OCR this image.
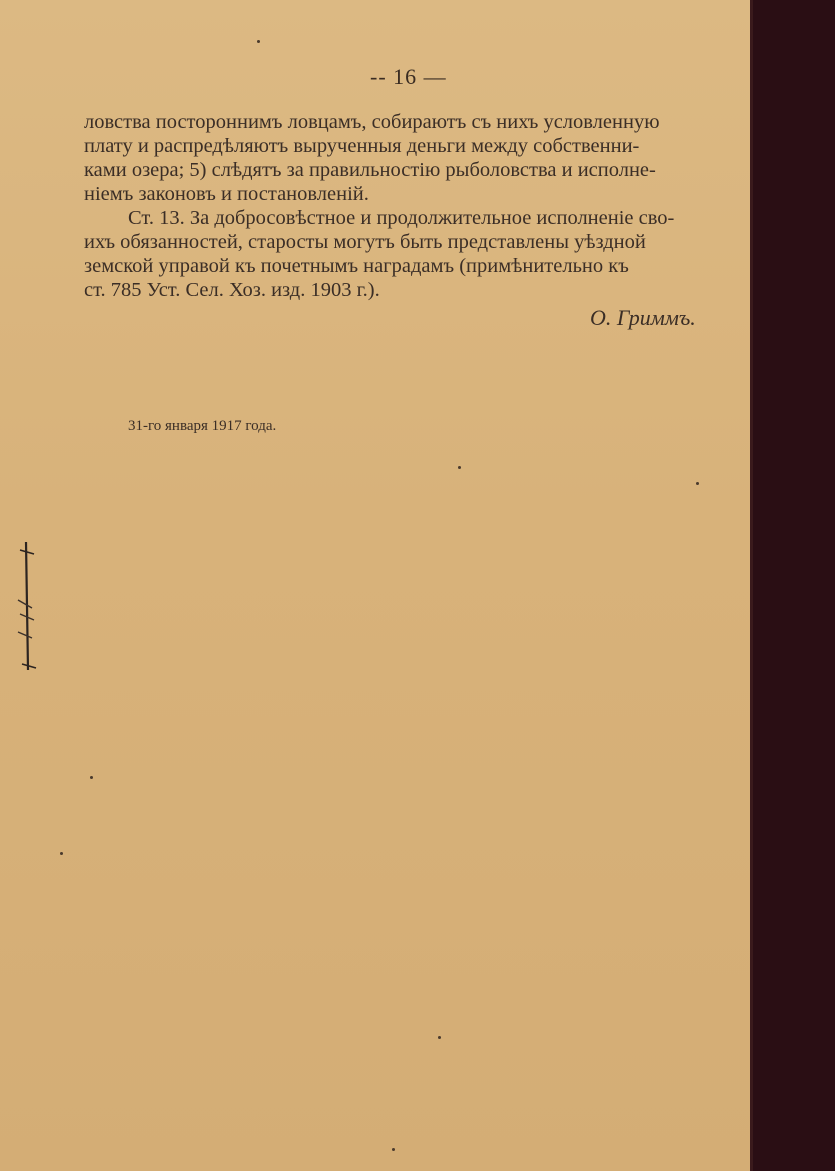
-- 16 —
ловства постороннимъ ловцамъ, собираютъ съ нихъ условленную
плату и распредѣляютъ вырученныя деньги между собственни-
ками озера; 5) слѣдятъ за правильностію рыболовства и исполне-
ніемъ законовъ и постановленій.
Ст. 13. За добросовѣстное и продолжительное исполненіе сво-
ихъ обязанностей, старосты могутъ быть представлены уѣздной
земской управой къ почетнымъ наградамъ (примѣнительно къ
ст. 785 Уст. Сел. Хоз. изд. 1903 г.).
О. Гриммъ.
31-го января 1917 года.
